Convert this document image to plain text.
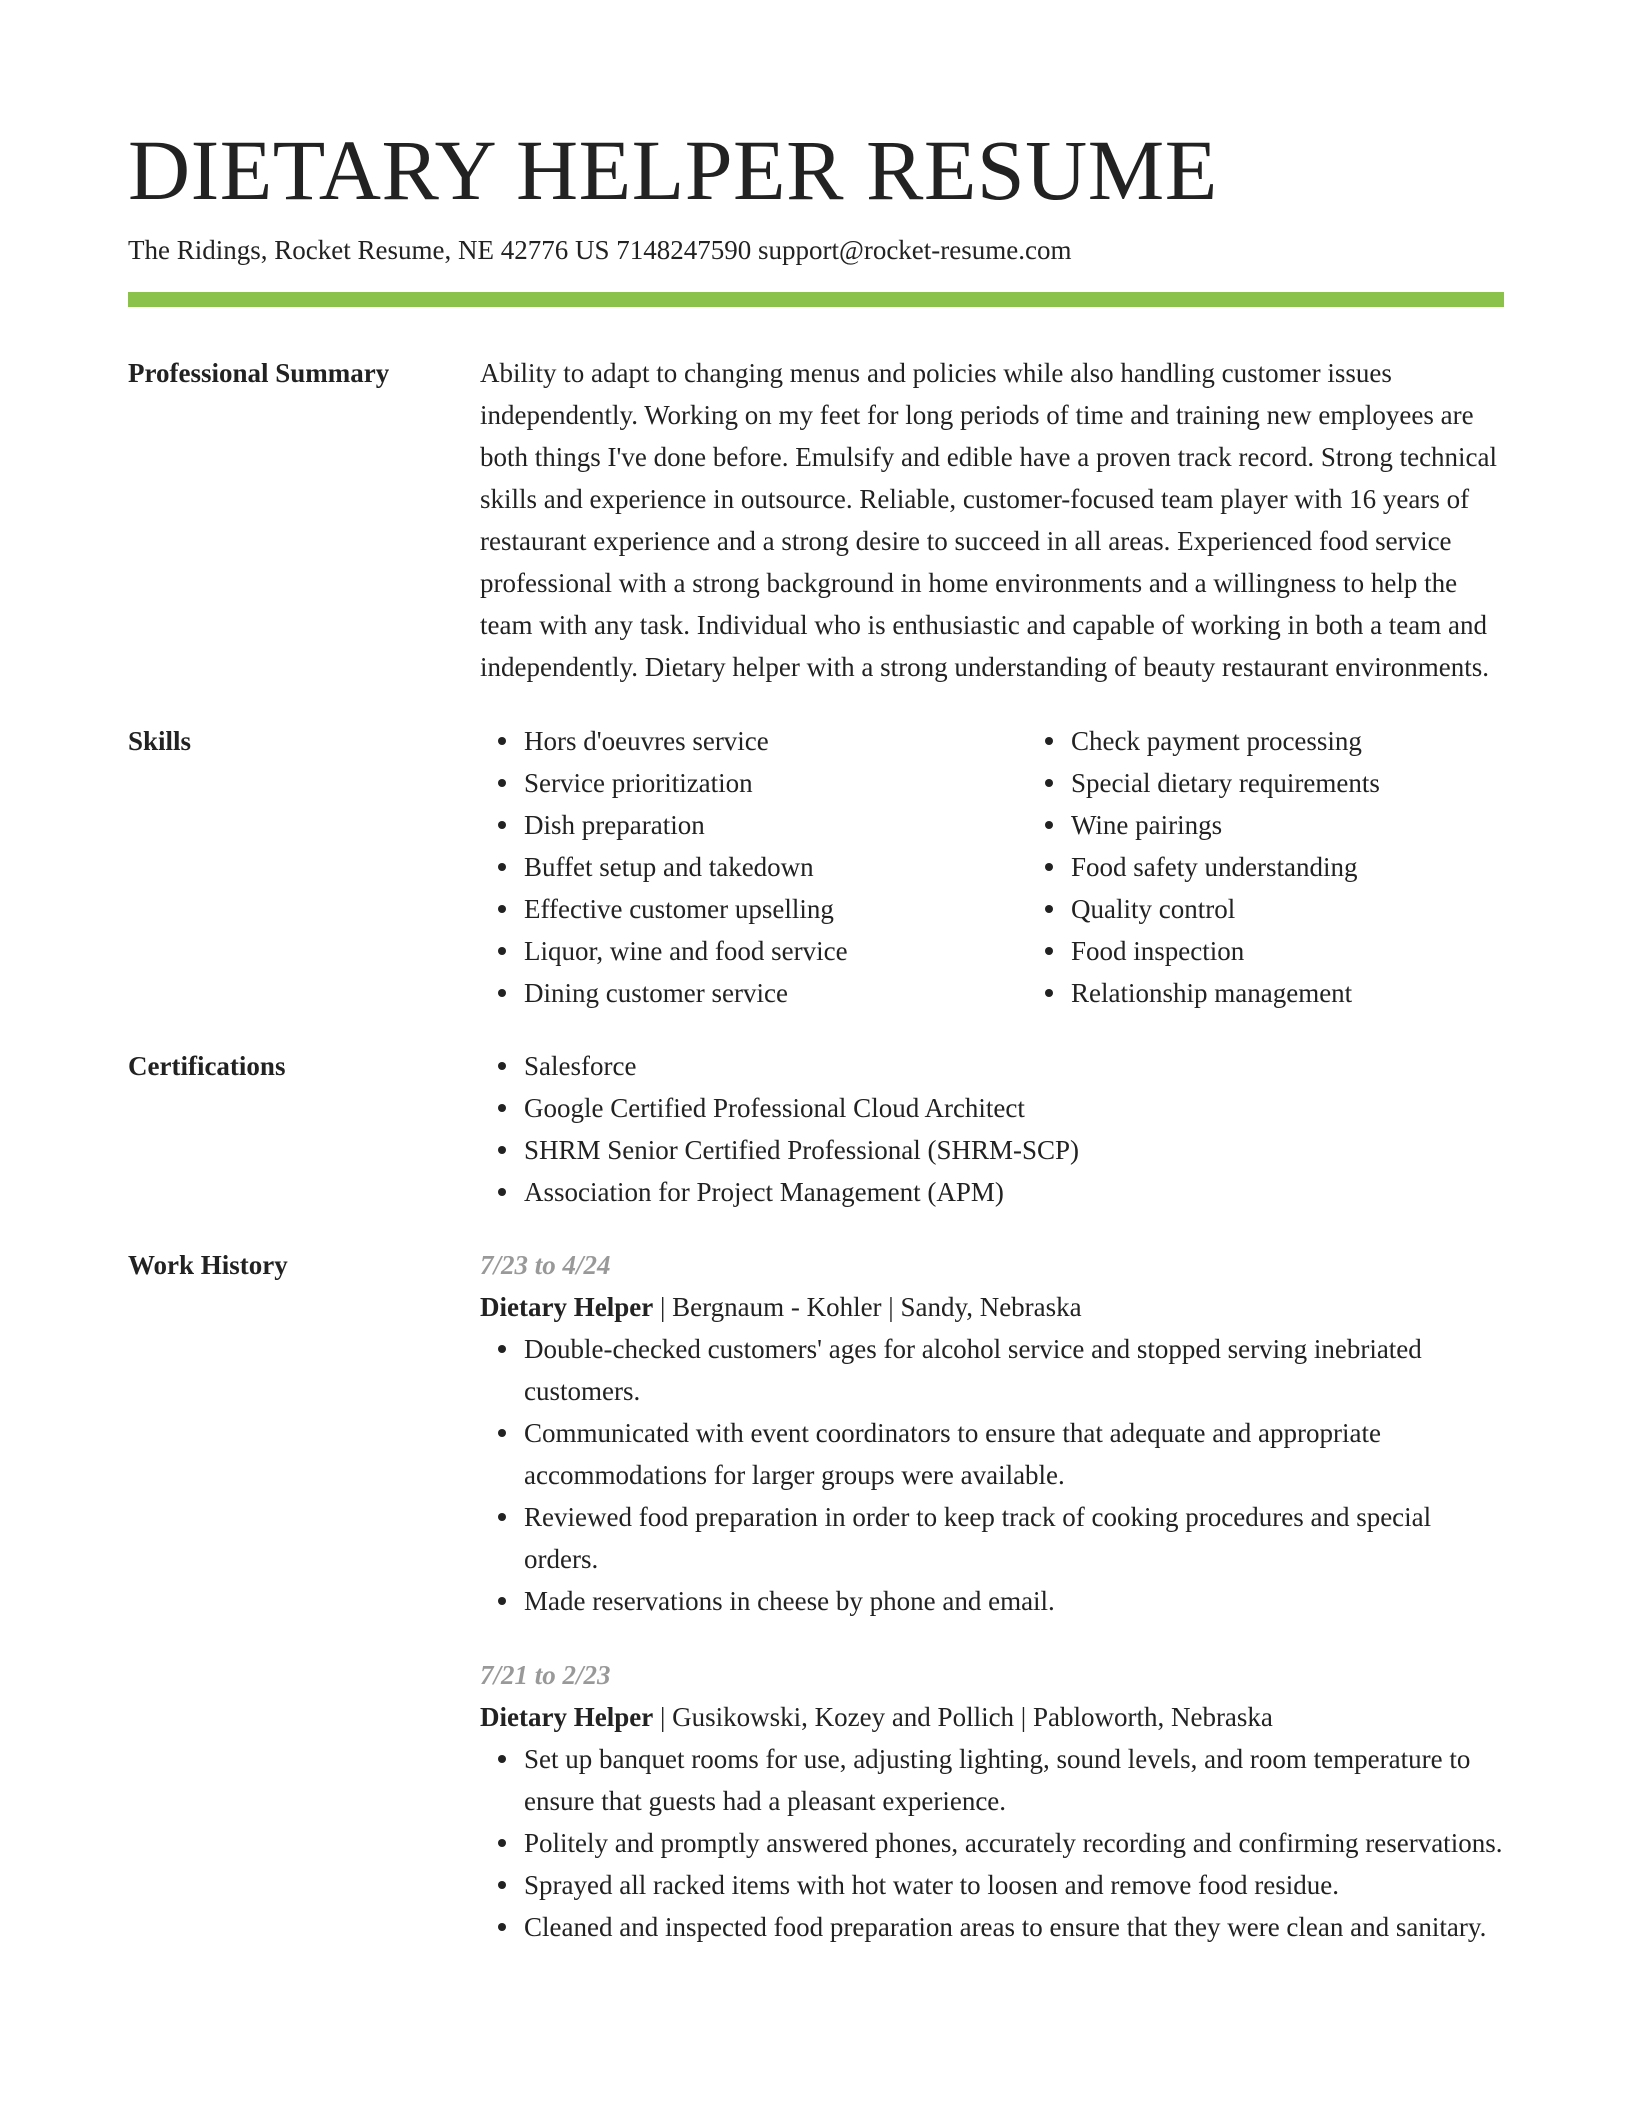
DIETARY HELPER RESUME
The Ridings, Rocket Resume, NE 42776 US 7148247590 support@rocket-resume.com
Professional Summary	Ability to adapt to changing menus and policies while also handling customer issues independently. Working on my feet for long periods of time and training new employees are both things I've done before. Emulsify and edible have a proven track record. Strong technical skills and experience in outsource. Reliable, customer-focused team player with 16 years of restaurant experience and a strong desire to succeed in all areas. Experienced food service professional with a strong background in home environments and a willingness to help the team with any task. Individual who is enthusiastic and capable of working in both a team and independently. Dietary helper with a strong understanding of beauty restaurant environments.
Skills	Hors d'oeuvres service
Service prioritization
Dish preparation
Buffet setup and takedown
Effective customer upselling
Liquor, wine and food service
Dining customer service
Check payment processing
Special dietary requirements
Wine pairings
Food safety understanding
Quality control
Food inspection
Relationship management
Certifications	Salesforce
Google Certified Professional Cloud Architect
SHRM Senior Certified Professional (SHRM-SCP)
Association for Project Management (APM)
Work History	7/23 to 4/24
Dietary Helper | Bergnaum - Kohler | Sandy, Nebraska
Double-checked customers' ages for alcohol service and stopped serving inebriated customers.
Communicated with event coordinators to ensure that adequate and appropriate accommodations for larger groups were available.
Reviewed food preparation in order to keep track of cooking procedures and special orders.
Made reservations in cheese by phone and email.
7/21 to 2/23
Dietary Helper | Gusikowski, Kozey and Pollich | Pabloworth, Nebraska
Set up banquet rooms for use, adjusting lighting, sound levels, and room temperature to ensure that guests had a pleasant experience.
Politely and promptly answered phones, accurately recording and confirming reservations.
Sprayed all racked items with hot water to loosen and remove food residue.
Cleaned and inspected food preparation areas to ensure that they were clean and sanitary.
